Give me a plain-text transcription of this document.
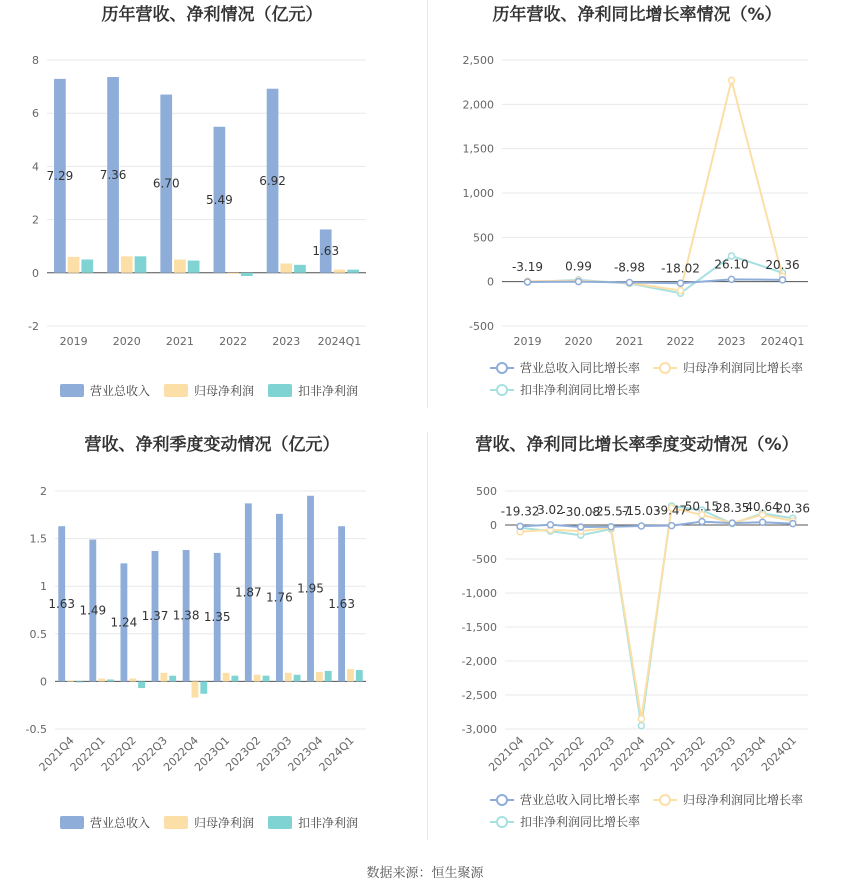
历年营收、净利情况（亿元）
-2
0
2
4
6
8
2019 2020 2021 2022 2023 2024Q1
7.29 7.36
6.70
5.49
6.92
1.63
营业总收入	归母净利润	扣非净利润
历年营收、净利同比增长率情况（%）
-500
0
500
1,000
1,500
2,000
2,500
2019 2020 2021 2022 2023 2024Q1
-3.19 0.99 -8.98 -18.02 26.10 20.36
营业总收入同比增长率	归母净利润同比增长率
扣非净利润同比增长率
营收、净利季度变动情况（亿元）
-0.5
0
0.5
1
1.5
2
2021Q4
2022Q1
2022Q2
2022Q3
2022Q4
2023Q1
2023Q2
2023Q3
2023Q4
2024Q1
1.63 1.49
1.24 1.37 1.38 1.35
1.87 1.76
1.95
1.63
营业总收入	归母净利润	扣非净利润
营收、净利同比增长率季度变动情况（%）
-3,000
-2,500
-2,000
-1,500
-1,000
-500
0
500
2021Q4
2022Q1
2022Q2
2022Q3
2022Q4
2023Q1
2023Q2
2023Q3
2023Q4
2024Q1
-19.32
3.02
-30.08
-25.57
-15.03
-9.47
50.15
28.35
40.64
20.36
营业总收入同比增长率	归母净利润同比增长率
扣非净利润同比增长率
数据来源：恒生聚源
